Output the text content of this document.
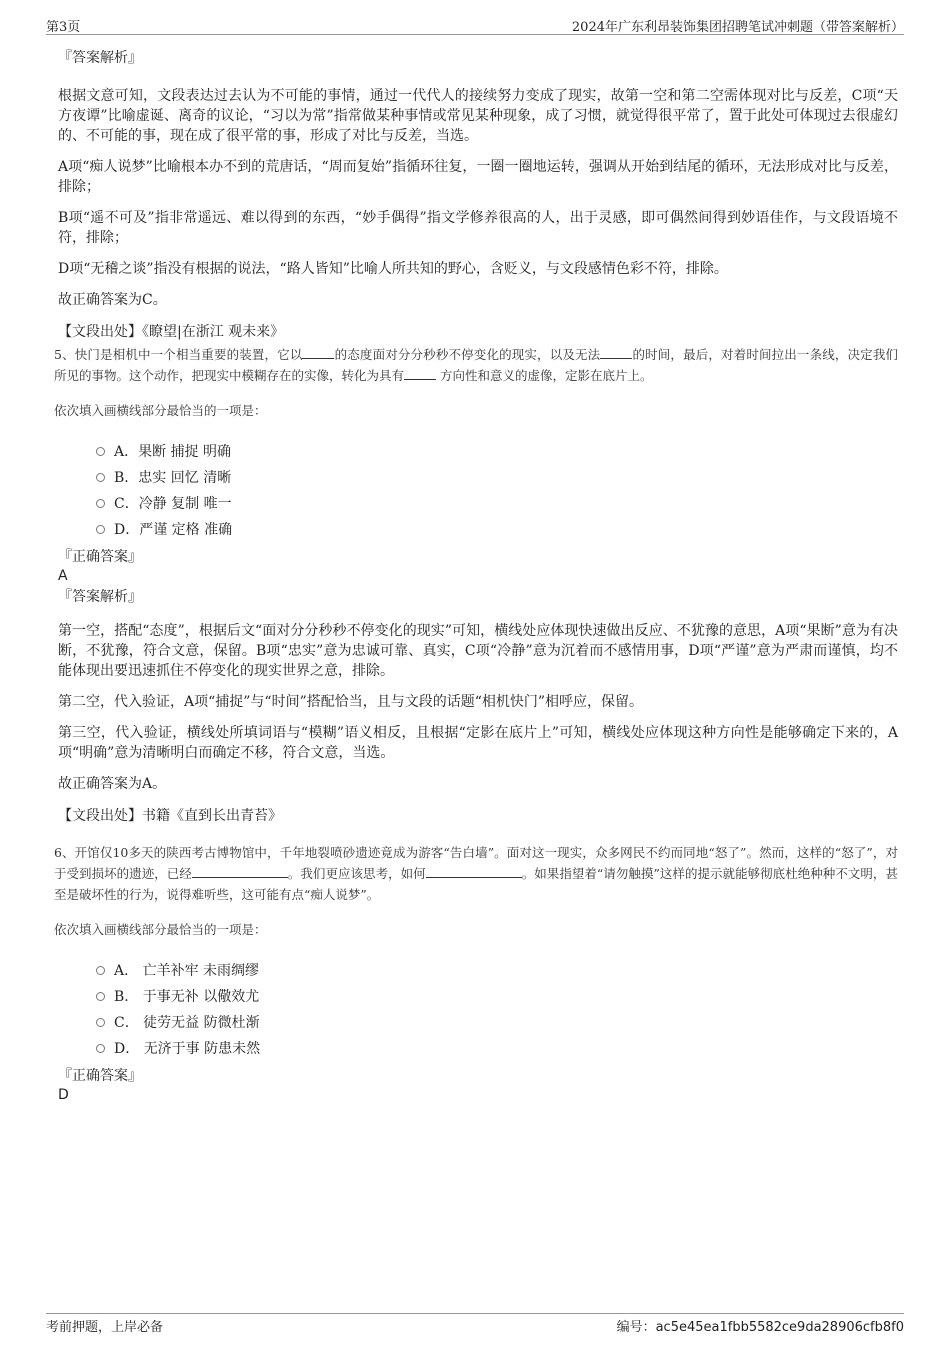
第3页	2024年广东利昂装饰集团招聘笔试冲刺题（带答案解析）

『答案解析』

根据文意可知，文段表达过去认为不可能的事情，通过一代代人的接续努力变成了现实，故第一空和第二空需体现对比与反差，C项“天方夜谭”比喻虚诞、离奇的议论，“习以为常”指常做某种事情或常见某种现象，成了习惯，就觉得很平常了，置于此处可体现过去很虚幻的、不可能的事，现在成了很平常的事，形成了对比与反差，当选。

A项“痴人说梦”比喻根本办不到的荒唐话，“周而复始”指循环往复，一圈一圈地运转，强调从开始到结尾的循环，无法形成对比与反差，排除；

B项“遥不可及”指非常遥远、难以得到的东西，“妙手偶得”指文学修养很高的人，出于灵感，即可偶然间得到妙语佳作，与文段语境不符，排除；

D项“无稽之谈”指没有根据的说法，“路人皆知”比喻人所共知的野心，含贬义，与文段感情色彩不符，排除。

故正确答案为C。

【文段出处】《瞭望|在浙江 观未来》

5、快门是相机中一个相当重要的装置，它以	的态度面对分分秒秒不停变化的现实，以及无法	的时间，最后，对着时间拉出一条线，决定我们所见的事物。这个动作，把现实中模糊存在的实像，转化为具有	方向性和意义的虚像，定影在底片上。

依次填入画横线部分最恰当的一项是：

A．果断 捕捉 明确
B．忠实 回忆 清晰
C．冷静 复制 唯一
D．严谨 定格 准确

『正确答案』

A

『答案解析』

第一空，搭配“态度”，根据后文“面对分分秒秒不停变化的现实”可知，横线处应体现快速做出反应、不犹豫的意思，A项“果断”意为有决断，不犹豫，符合文意，保留。B项“忠实”意为忠诚可靠、真实，C项“冷静”意为沉着而不感情用事，D项“严谨”意为严肃而谨慎，均不能体现出要迅速抓住不停变化的现实世界之意，排除。

第二空，代入验证，A项“捕捉”与“时间”搭配恰当，且与文段的话题“相机快门”相呼应，保留。

第三空，代入验证，横线处所填词语与“模糊”语义相反，且根据“定影在底片上”可知，横线处应体现这种方向性是能够确定下来的，A项“明确”意为清晰明白而确定不移，符合文意，当选。

故正确答案为A。

【文段出处】书籍《直到长出青苔》

6、开馆仅10多天的陕西考古博物馆中，千年地裂喷砂遗迹竟成为游客“告白墙”。面对这一现实，众多网民不约而同地“怒了”。然而，这样的“怒了”，对于受到损坏的遗迹，已经	。我们更应该思考，如何	。如果指望着“请勿触摸”这样的提示就能够彻底杜绝种种不文明，甚至是破坏性的行为，说得难听些，这可能有点“痴人说梦”。

依次填入画横线部分最恰当的一项是：

A． 亡羊补牢 未雨绸缪
B． 于事无补 以儆效尤
C． 徒劳无益 防微杜渐
D． 无济于事 防患未然

『正确答案』

D

考前押题，上岸必备	编号：ac5e45ea1fbb5582ce9da28906cfb8f0
